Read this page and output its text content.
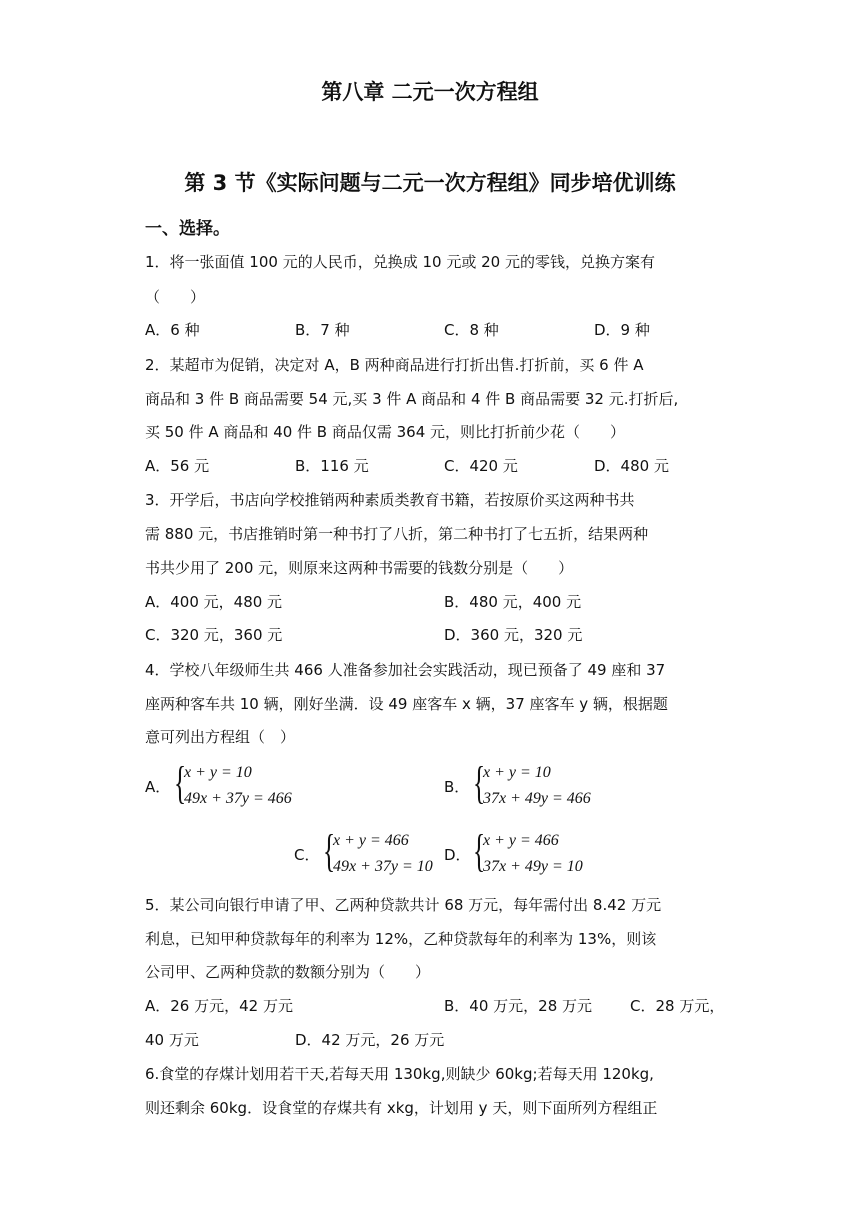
第八章 二元一次方程组
第 3 节《实际问题与二元一次方程组》同步培优训练
一、选择。
1．将一张面值 100 元的人民币，兑换成 10 元或 20 元的零钱，兑换方案有
（　　）
A．6 种	B．7 种	C．8 种	D．9 种
2．某超市为促销，决定对 A，B 两种商品进行打折出售.打折前，买 6 件 A
商品和 3 件 B 商品需要 54 元,买 3 件 A 商品和 4 件 B 商品需要 32 元.打折后,
买 50 件 A 商品和 40 件 B 商品仅需 364 元，则比打折前少花（　　）
A．56 元	B．116 元	C．420 元	D．480 元
3．开学后，书店向学校推销两种素质类教育书籍，若按原价买这两种书共
需 880 元，书店推销时第一种书打了八折，第二种书打了七五折，结果两种
书共少用了 200 元，则原来这两种书需要的钱数分别是（　　）
A．400 元，480 元	B．480 元，400 元
C．320 元，360 元	D．360 元，320 元
4．学校八年级师生共 466 人准备参加社会实践活动，现已预备了 49 座和 37
座两种客车共 10 辆，刚好坐满．设 49 座客车 x 辆，37 座客车 y 辆，根据题
意可列出方程组（　）
A． {
x + y = 10
49x + 37y = 466
B． {
x + y = 10
37x + 49y = 466
C． {
x + y = 466
49x + 37y = 10
D． {
x + y = 466
37x + 49y = 10
5．某公司向银行申请了甲、乙两种贷款共计 68 万元，每年需付出 8.42 万元
利息，已知甲种贷款每年的利率为 12%，乙种贷款每年的利率为 13%，则该
公司甲、乙两种贷款的数额分别为（　　）
A．26 万元，42 万元	B．40 万元，28 万元	C．28 万元，
40 万元	D．42 万元，26 万元
6.食堂的存煤计划用若干天,若每天用 130kg,则缺少 60kg;若每天用 120kg,
则还剩余 60kg．设食堂的存煤共有 xkg，计划用 y 天，则下面所列方程组正
